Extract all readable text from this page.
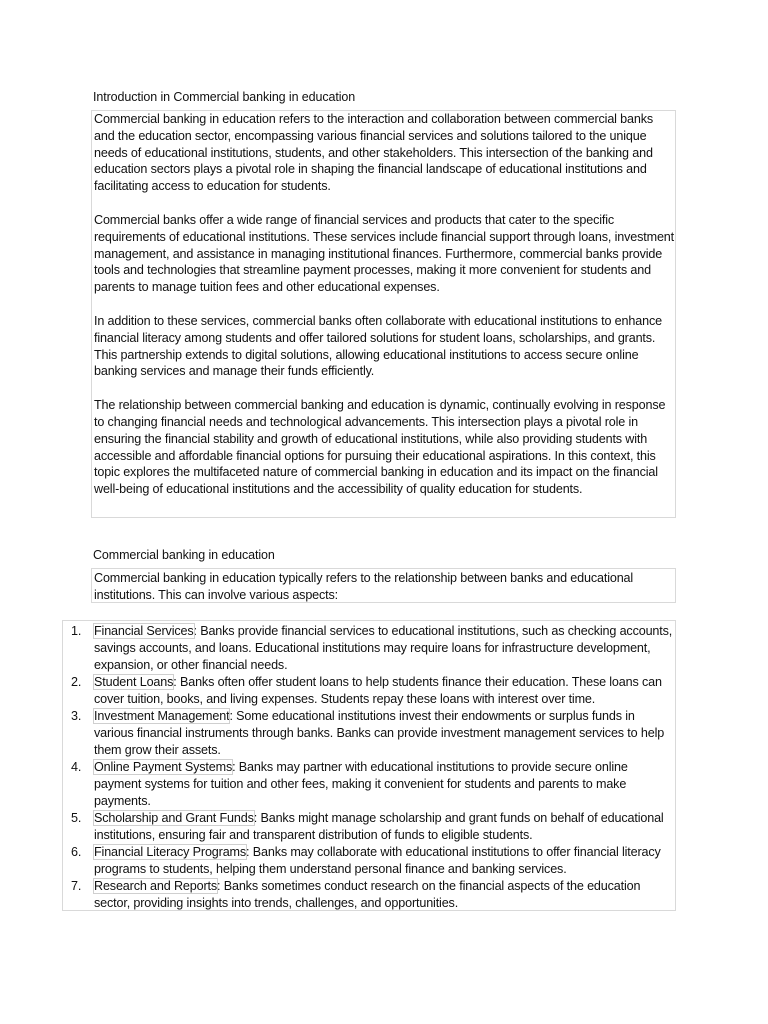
Introduction in Commercial banking in education

Commercial banking in education refers to the interaction and collaboration between commercial banks and the education sector, encompassing various financial services and solutions tailored to the unique needs of educational institutions, students, and other stakeholders. This intersection of the banking and education sectors plays a pivotal role in shaping the financial landscape of educational institutions and facilitating access to education for students.

Commercial banks offer a wide range of financial services and products that cater to the specific requirements of educational institutions. These services include financial support through loans, investment management, and assistance in managing institutional finances. Furthermore, commercial banks provide tools and technologies that streamline payment processes, making it more convenient for students and parents to manage tuition fees and other educational expenses.

In addition to these services, commercial banks often collaborate with educational institutions to enhance financial literacy among students and offer tailored solutions for student loans, scholarships, and grants. This partnership extends to digital solutions, allowing educational institutions to access secure online banking services and manage their funds efficiently.

The relationship between commercial banking and education is dynamic, continually evolving in response to changing financial needs and technological advancements. This intersection plays a pivotal role in ensuring the financial stability and growth of educational institutions, while also providing students with accessible and affordable financial options for pursuing their educational aspirations. In this context, this topic explores the multifaceted nature of commercial banking in education and its impact on the financial well-being of educational institutions and the accessibility of quality education for students.

Commercial banking in education

Commercial banking in education typically refers to the relationship between banks and educational institutions. This can involve various aspects:

1.	Financial Services: Banks provide financial services to educational institutions, such as checking accounts, savings accounts, and loans. Educational institutions may require loans for infrastructure development, expansion, or other financial needs.
2.	Student Loans: Banks often offer student loans to help students finance their education. These loans can cover tuition, books, and living expenses. Students repay these loans with interest over time.
3.	Investment Management: Some educational institutions invest their endowments or surplus funds in various financial instruments through banks. Banks can provide investment management services to help them grow their assets.
4.	Online Payment Systems: Banks may partner with educational institutions to provide secure online payment systems for tuition and other fees, making it convenient for students and parents to make payments.
5.	Scholarship and Grant Funds: Banks might manage scholarship and grant funds on behalf of educational institutions, ensuring fair and transparent distribution of funds to eligible students.
6.	Financial Literacy Programs: Banks may collaborate with educational institutions to offer financial literacy programs to students, helping them understand personal finance and banking services.
7.	Research and Reports: Banks sometimes conduct research on the financial aspects of the education sector, providing insights into trends, challenges, and opportunities.
